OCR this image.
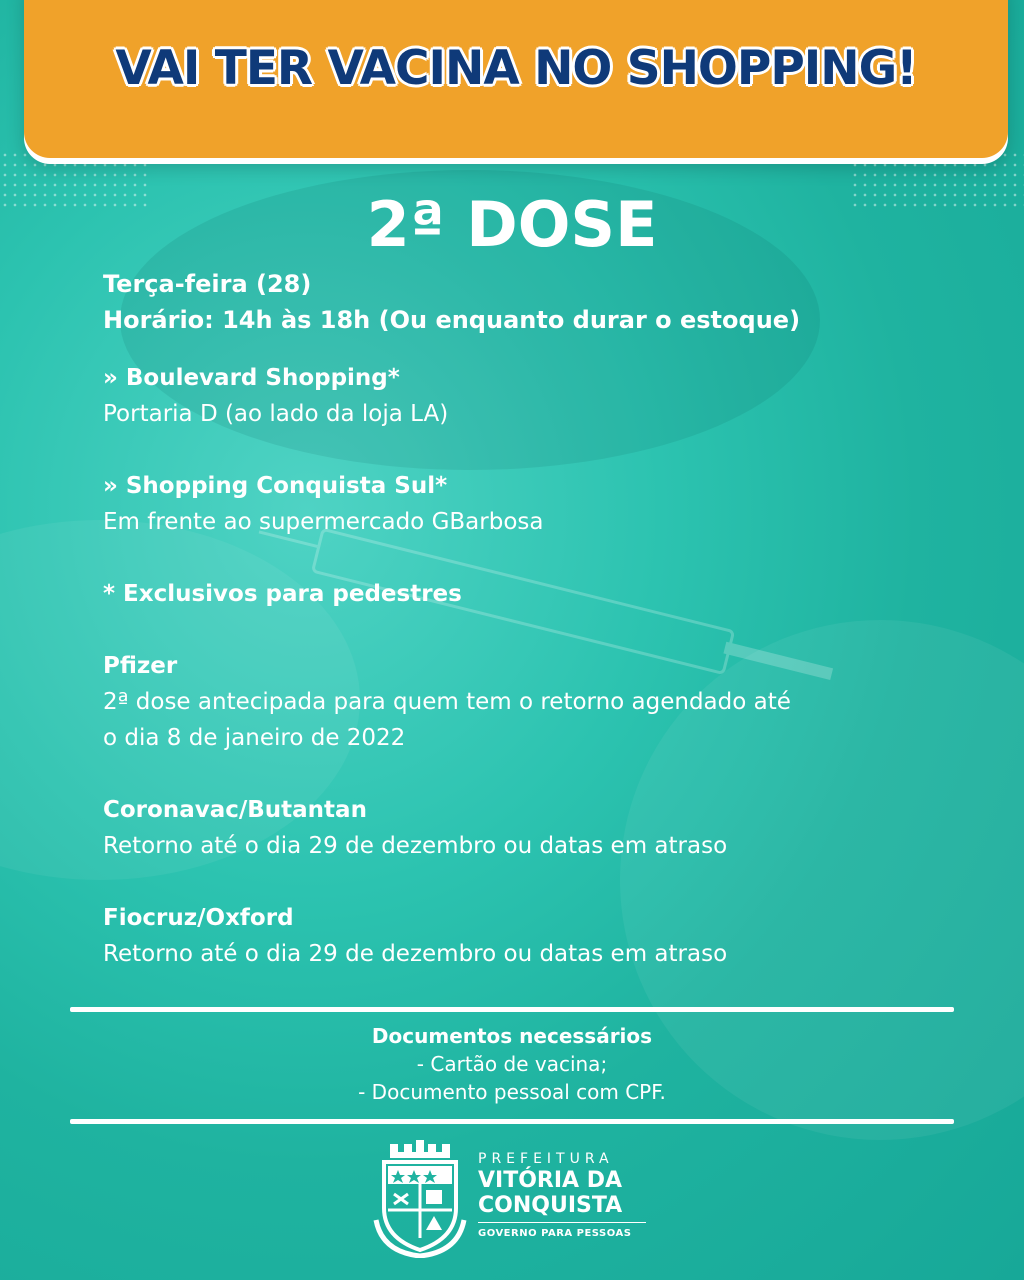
VAI TER VACINA NO SHOPPING!
2ª DOSE
Terça-feira (28)
Horário: 14h às 18h (Ou enquanto durar o estoque)
» Boulevard Shopping*
Portaria D (ao lado da loja LA)
» Shopping Conquista Sul*
Em frente ao supermercado GBarbosa
* Exclusivos para pedestres
Pfizer
2ª dose antecipada para quem tem o retorno agendado até
o dia 8 de janeiro de 2022
Coronavac/Butantan
Retorno até o dia 29 de dezembro ou datas em atraso
Fiocruz/Oxford
Retorno até o dia 29 de dezembro ou datas em atraso
Documentos necessários
- Cartão de vacina;
- Documento pessoal com CPF.
PREFEITURA
VITÓRIA DA
CONQUISTA
GOVERNO PARA PESSOAS
